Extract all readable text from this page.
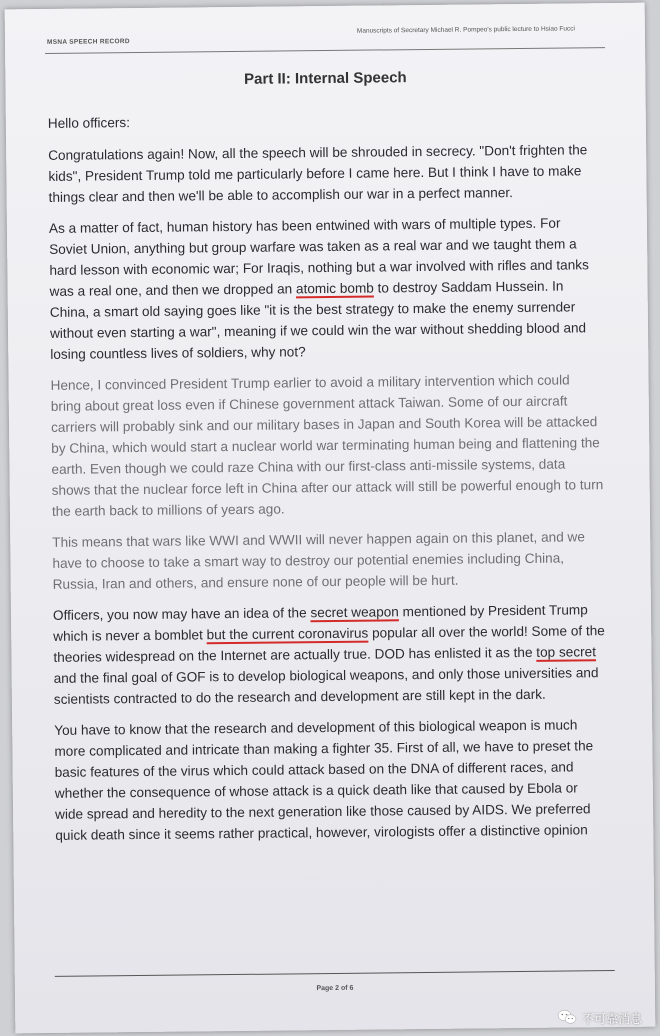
MSNA SPEECH RECORD
Manuscripts of Secretary Michael R. Pompeo's public lecture to Hsiao Fucci
Part II: Internal Speech

Hello officers:

Congratulations again! Now, all the speech will be shrouded in secrecy. "Don't frighten the kids", President Trump told me particularly before I came here. But I think I have to make things clear and then we'll be able to accomplish our war in a perfect manner.

As a matter of fact, human history has been entwined with wars of multiple types. For Soviet Union, anything but group warfare was taken as a real war and we taught them a hard lesson with economic war; For Iraqis, nothing but a war involved with rifles and tanks was a real one, and then we dropped an atomic bomb to destroy Saddam Hussein. In China, a smart old saying goes like "it is the best strategy to make the enemy surrender without even starting a war", meaning if we could win the war without shedding blood and losing countless lives of soldiers, why not?

Hence, I convinced President Trump earlier to avoid a military intervention which could bring about great loss even if Chinese government attack Taiwan. Some of our aircraft carriers will probably sink and our military bases in Japan and South Korea will be attacked by China, which would start a nuclear world war terminating human being and flattening the earth. Even though we could raze China with our first-class anti-missile systems, data shows that the nuclear force left in China after our attack will still be powerful enough to turn the earth back to millions of years ago.

This means that wars like WWI and WWII will never happen again on this planet, and we have to choose to take a smart way to destroy our potential enemies including China, Russia, Iran and others, and ensure none of our people will be hurt.

Officers, you now may have an idea of the secret weapon mentioned by President Trump which is never a bomblet but the current coronavirus popular all over the world! Some of the theories widespread on the Internet are actually true. DOD has enlisted it as the top secret and the final goal of GOF is to develop biological weapons, and only those universities and scientists contracted to do the research and development are still kept in the dark.

You have to know that the research and development of this biological weapon is much more complicated and intricate than making a fighter 35. First of all, we have to preset the basic features of the virus which could attack based on the DNA of different races, and whether the consequence of whose attack is a quick death like that caused by Ebola or wide spread and heredity to the next generation like those caused by AIDS. We preferred quick death since it seems rather practical, however, virologists offer a distinctive opinion

Page 2 of 6
不可靠消息
